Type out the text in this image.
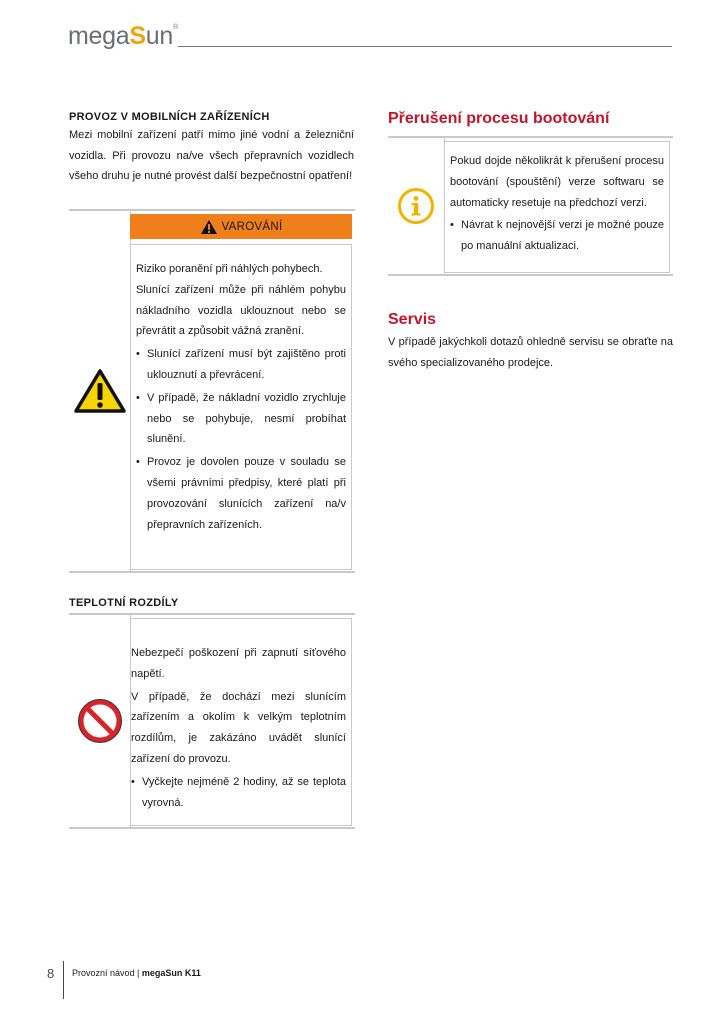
megaSun®
PROVOZ V MOBILNÍCH ZAŘÍZENÍCH

Mezi mobilní zařízení patří mimo jiné vodní a železniční vozidla. Při provozu na/ve všech přepravních vozidlech všeho druhu je nutné provést další bezpečnostní opatření!

VAROVÁNÍ
Riziko poranění při náhlých pohybech.
Slunící zařízení může při náhlém pohybu nákladního vozidla uklouznout nebo se převrátit a způsobit vážná zranění.
• Slunící zařízení musí být zajištěno proti uklouznutí a převrácení.
• V případě, že nákladní vozidlo zrychluje nebo se pohybuje, nesmí probíhat slunění.
• Provoz je dovolen pouze v souladu se všemi právními předpisy, které platí při provozování slunících zařízení na/v přepravních zařízeních.
TEPLOTNÍ ROZDÍLY
Nebezpečí poškození při zapnutí síťového napětí.
V případě, že dochází mezi slunícím zařízením a okolím k velkým teplotním rozdílům, je zakázáno uvádět slunící zařízení do provozu.
• Vyčkejte nejméně 2 hodiny, až se teplota vyrovná.
Přerušení procesu bootování
Pokud dojde několikrát k přerušení procesu bootování (spouštění) verze softwaru se automaticky resetuje na předchozí verzi.
• Návrat k nejnovější verzi je možné pouze po manuální aktualizaci.
Servis

V případě jakýchkoli dotazů ohledně servisu se obraťte na svého specializovaného prodejce.

8 Provozní návod | megaSun K11
